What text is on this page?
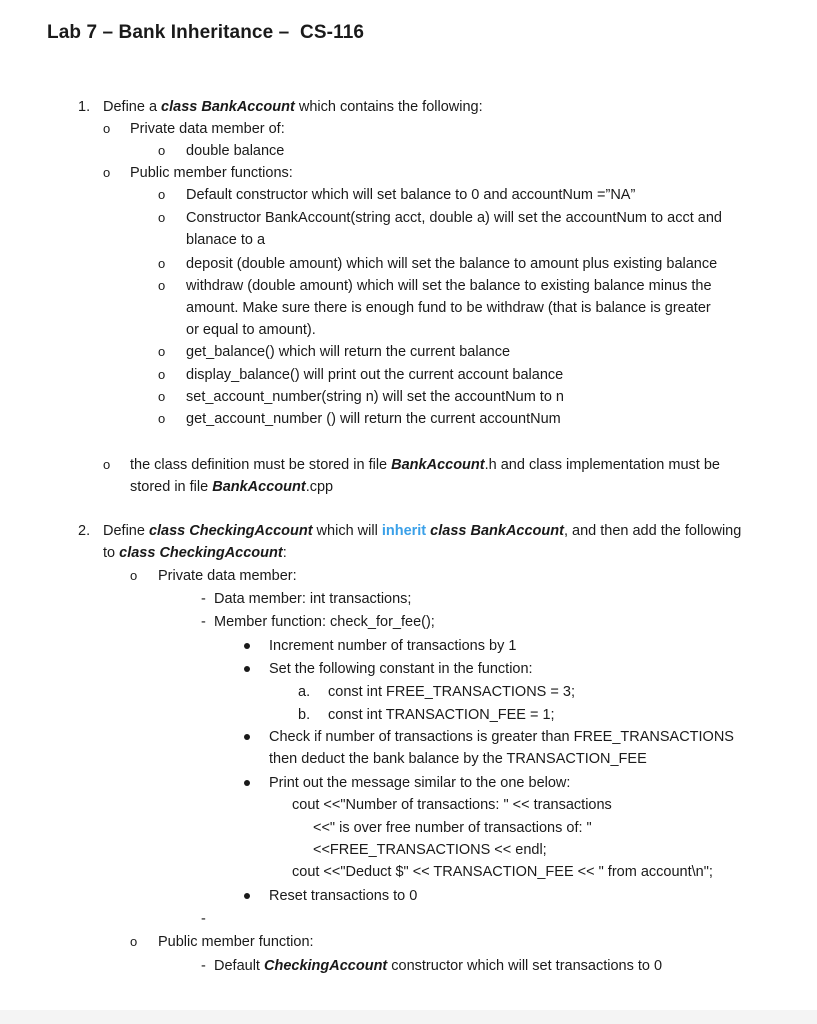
Lab 7 – Bank Inheritance –  CS-116
1. Define a class BankAccount which contains the following:
o Private data member of:
o double balance
o Public member functions:
o Default constructor which will set balance to 0 and accountNum =”NA”
o Constructor BankAccount(string acct, double a) will set the accountNum to acct and
blanace to a
o deposit (double amount) which will set the balance to amount plus existing balance
o withdraw (double amount) which will set the balance to existing balance minus the
amount. Make sure there is enough fund to be withdraw (that is balance is greater
or equal to amount).
o get_balance() which will return the current balance
o display_balance() will print out the current account balance
o set_account_number(string n) will set the accountNum to n
o get_account_number () will return the current accountNum
o the class definition must be stored in file BankAccount.h and class implementation must be
stored in file BankAccount.cpp
2. Define class CheckingAccount which will inherit class BankAccount, and then add the following
to class CheckingAccount:
o Private data member:
- Data member: int transactions;
- Member function: check_for_fee();
Increment number of transactions by 1
Set the following constant in the function:
a. const int FREE_TRANSACTIONS = 3;
b. const int TRANSACTION_FEE = 1;
Check if number of transactions is greater than FREE_TRANSACTIONS
then deduct the bank balance by the TRANSACTION_FEE
Print out the message similar to the one below:
cout <<"Number of transactions: " << transactions
<<" is over free number of transactions of: "
<<FREE_TRANSACTIONS << endl;
cout <<"Deduct $" << TRANSACTION_FEE << " from account\n";
Reset transactions to 0
-
o Public member function:
- Default CheckingAccount constructor which will set transactions to 0
